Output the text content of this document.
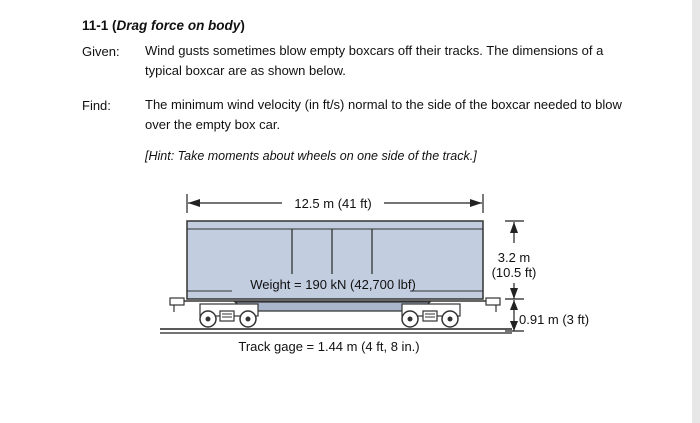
11-1 (Drag force on body)
Given: Wind gusts sometimes blow empty boxcars off their tracks. The dimensions of a
typical boxcar are as shown below.
Find:	The minimum wind velocity (in ft/s) normal to the side of the boxcar needed to blow
over the empty box car.
[Hint: Take moments about wheels on one side of the track.]
12.5 m (41 ft)
Weight = 190 kN (42,700 lbf)
3.2 m
(10.5 ft)
0.91 m (3 ft)
Track gage = 1.44 m (4 ft, 8 in.)
